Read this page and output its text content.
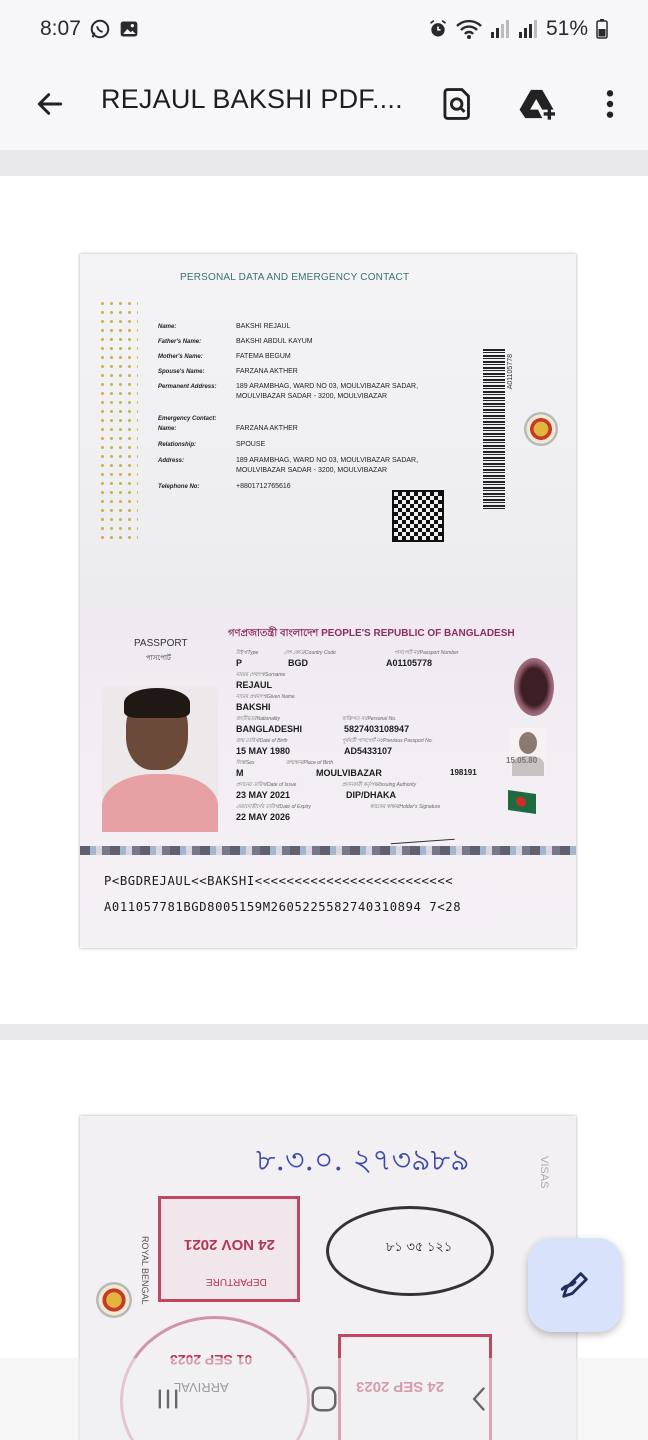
8:07	51%
REJAUL BAKSHI PDF....
PERSONAL DATA AND EMERGENCY CONTACT
Name:	BAKSHI REJAUL
Father's Name:	BAKSHI ABDUL KAYUM
Mother's Name:	FATEMA BEGUM
Spouse's Name:	FARZANA AKTHER
Permanent Address:	189 ARAMBHAG, WARD NO 03, MOULVIBAZAR SADAR,
MOULVIBAZAR SADAR - 3200, MOULVIBAZAR
Emergency Contact:
Name:	FARZANA AKTHER
Relationship:	SPOUSE
Address:	189 ARAMBHAG, WARD NO 03, MOULVIBAZAR SADAR,
MOULVIBAZAR SADAR - 3200, MOULVIBAZAR
Telephone No:	+8801712765616
A01105778
গণপ্রজাতন্ত্রী বাংলাদেশ PEOPLE'S REPUBLIC OF BANGLADESH
PASSPORT
পাসপোর্ট
টাইপ/Type	দেশ কোড/Country Code	পাসপোর্ট নং/Passport Number
P	BGD	A01105778
নামের শেষাংশ/Surname
REJAUL
নামের প্রথমাংশ/Given Name
BAKSHI
জাতীয়তা/Nationality	ব্যক্তিগত নং/Personal No.
BANGLADESHI	5827403108947
জন্ম তারিখ/Date of Birth	পূর্ববর্তী পাসপোর্ট নং/Previous Passport No.
15 MAY 1980	AD5433107
লিঙ্গ/Sex	জন্মস্থান/Place of Birth
M	MOULVIBAZAR	198191
প্রদানের তারিখ/Date of Issue	প্রদানকারী কর্তৃপক্ষ/Issuing Authority
23 MAY 2021	DIP/DHAKA
মেয়াদোত্তীর্ণের তারিখ/Date of Expiry	ধারকের স্বাক্ষর/Holder's Signature
22 MAY 2026
15.05.80
P<BGDREJAUL<<BAKSHI<<<<<<<<<<<<<<<<<<<<<<<<<
A011057781BGD8005159M2605225582740310894 7<28
৮.৩.০. ২৭৩৯৮৯	VISAS
ROYAL BENGAL 24 NOV 2021
DEPARTURE
৮১ ৩৫ ১২১
